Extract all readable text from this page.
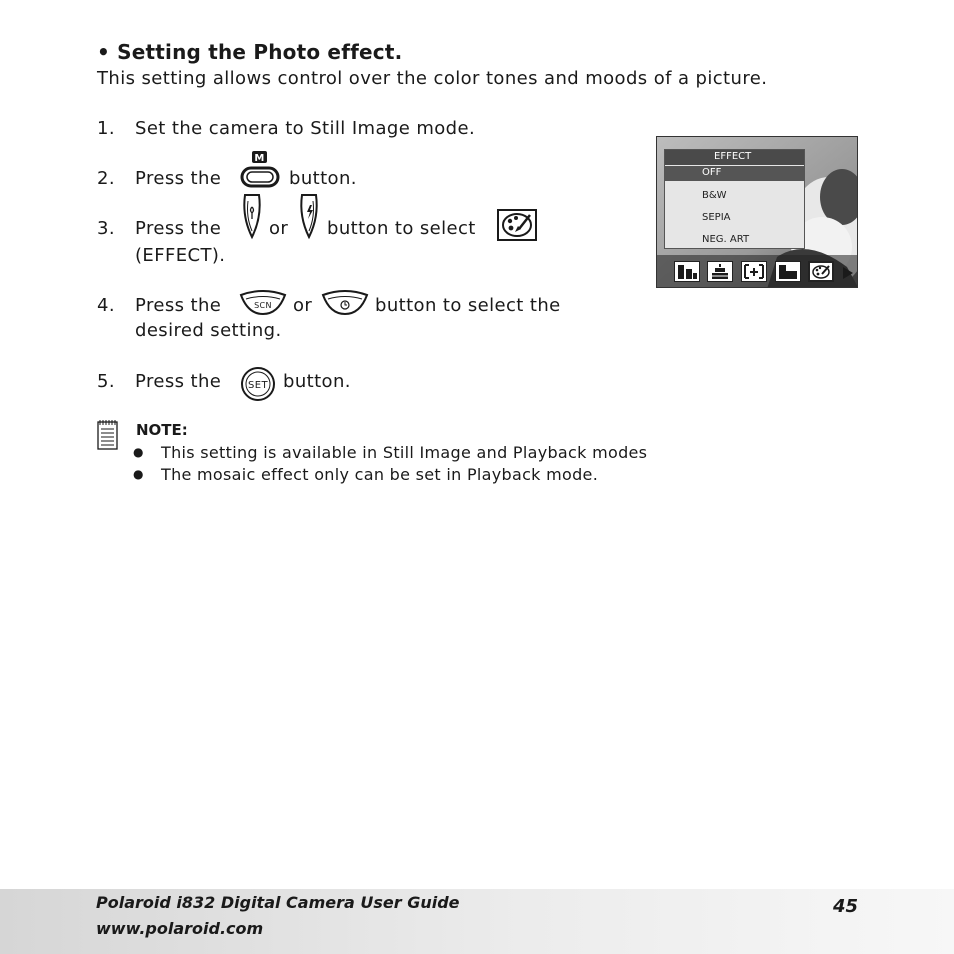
• Setting the Photo effect.
This setting allows control over the color tones and moods of a picture.
1. Set the camera to Still Image mode.
2. Press the
M
button.
3. Press the	or button to select
(EFFECT).
4. Press the	SCN or	button to select the
desired setting.
5. Press the	SET button.
NOTE:
● This setting is available in Still Image and Playback modes
● The mosaic effect only can be set in Playback mode.
EFFECT
OFF
B&W
SEPIA
NEG. ART
Polaroid i832 Digital Camera User Guide
www.polaroid.com
45
